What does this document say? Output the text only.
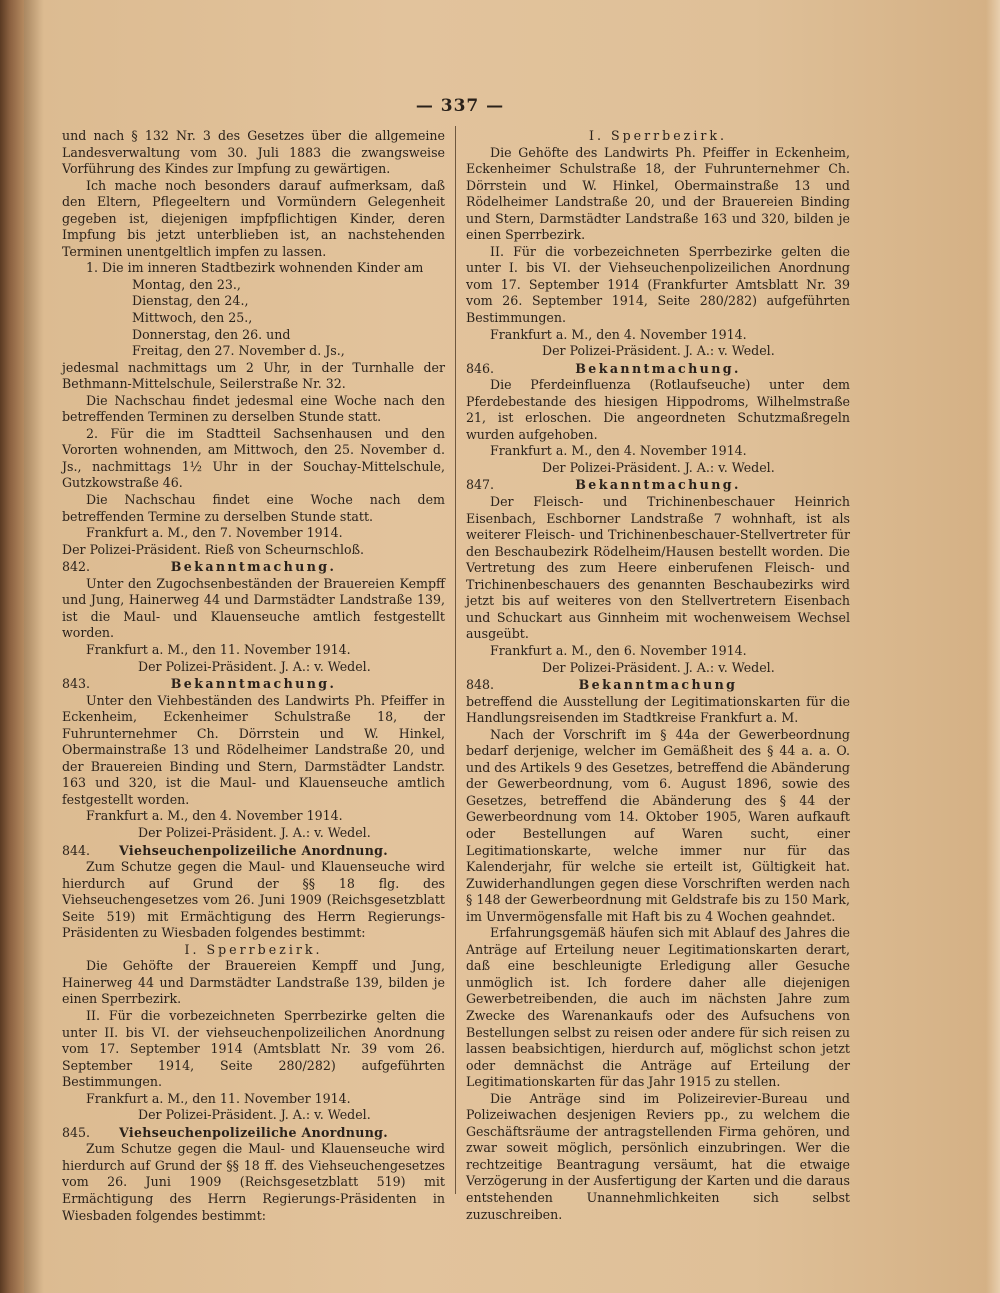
— 337 —

und nach § 132 Nr. 3 des Gesetzes über die allgemeine Landesverwaltung vom 30. Juli 1883 die zwangsweise Vorführung des Kindes zur Impfung zu gewärtigen.

Ich mache noch besonders darauf aufmerksam, daß den Eltern, Pflegeeltern und Vormündern Gelegenheit gegeben ist, diejenigen impfpflichtigen Kinder, deren Impfung bis jetzt unterblieben ist, an nachstehenden Terminen unentgeltlich impfen zu lassen.

1. Die im inneren Stadtbezirk wohnenden Kinder am

Montag, den 23.,

Dienstag, den 24.,

Mittwoch, den 25.,

Donnerstag, den 26. und

Freitag, den 27. November d. Js.,

jedesmal nachmittags um 2 Uhr, in der Turnhalle der Bethmann-Mittelschule, Seilerstraße Nr. 32.

Die Nachschau findet jedesmal eine Woche nach den betreffenden Terminen zu derselben Stunde statt.

2. Für die im Stadtteil Sachsenhausen und den Vororten wohnenden, am Mittwoch, den 25. November d. Js., nachmittags 1½ Uhr in der Souchay-Mittelschule, Gutzkowstraße 46.

Die Nachschau findet eine Woche nach dem betreffenden Termine zu derselben Stunde statt.

Frankfurt a. M., den 7. November 1914.

Der Polizei-Präsident. Rieß von Scheurnschloß.

842.	Bekanntmachung.

Unter den Zugochsenbeständen der Brauereien Kempff und Jung, Hainerweg 44 und Darmstädter Landstraße 139, ist die Maul- und Klauenseuche amtlich festgestellt worden.

Frankfurt a. M., den 11. November 1914.

Der Polizei-Präsident. J. A.: v. Wedel.

843.	Bekanntmachung.

Unter den Viehbeständen des Landwirts Ph. Pfeiffer in Eckenheim, Eckenheimer Schulstraße 18, der Fuhrunternehmer Ch. Dörrstein und W. Hinkel, Obermainstraße 13 und Rödelheimer Landstraße 20, und der Brauereien Binding und Stern, Darmstädter Landstr. 163 und 320, ist die Maul- und Klauenseuche amtlich festgestellt worden.

Frankfurt a. M., den 4. November 1914.

Der Polizei-Präsident. J. A.: v. Wedel.

844.	Viehseuchenpolizeiliche Anordnung.

Zum Schutze gegen die Maul- und Klauenseuche wird hierdurch auf Grund der §§ 18 flg. des Viehseuchengesetzes vom 26. Juni 1909 (Reichsgesetzblatt Seite 519) mit Ermächtigung des Herrn Regierungs-Präsidenten zu Wiesbaden folgendes bestimmt:

I. Sperrbezirk.

Die Gehöfte der Brauereien Kempff und Jung, Hainerweg 44 und Darmstädter Landstraße 139, bilden je einen Sperrbezirk.

II. Für die vorbezeichneten Sperrbezirke gelten die unter II. bis VI. der viehseuchenpolizeilichen Anordnung vom 17. September 1914 (Amtsblatt Nr. 39 vom 26. September 1914, Seite 280/282) aufgeführten Bestimmungen.

Frankfurt a. M., den 11. November 1914.

Der Polizei-Präsident. J. A.: v. Wedel.

845.	Viehseuchenpolizeiliche Anordnung.

Zum Schutze gegen die Maul- und Klauenseuche wird hierdurch auf Grund der §§ 18 ff. des Viehseuchengesetzes vom 26. Juni 1909 (Reichsgesetzblatt 519) mit Ermächtigung des Herrn Regierungs-Präsidenten in Wiesbaden folgendes bestimmt:

I. Sperrbezirk.

Die Gehöfte des Landwirts Ph. Pfeiffer in Eckenheim, Eckenheimer Schulstraße 18, der Fuhrunternehmer Ch. Dörrstein und W. Hinkel, Obermainstraße 13 und Rödelheimer Landstraße 20, und der Brauereien Binding und Stern, Darmstädter Landstraße 163 und 320, bilden je einen Sperrbezirk.

II. Für die vorbezeichneten Sperrbezirke gelten die unter I. bis VI. der Viehseuchenpolizeilichen Anordnung vom 17. September 1914 (Frankfurter Amtsblatt Nr. 39 vom 26. September 1914, Seite 280/282) aufgeführten Bestimmungen.

Frankfurt a. M., den 4. November 1914.

Der Polizei-Präsident. J. A.: v. Wedel.

846.	Bekanntmachung.

Die Pferdeinfluenza (Rotlaufseuche) unter dem Pferdebestande des hiesigen Hippodroms, Wilhelmstraße 21, ist erloschen. Die angeordneten Schutzmaßregeln wurden aufgehoben.

Frankfurt a. M., den 4. November 1914.

Der Polizei-Präsident. J. A.: v. Wedel.

847.	Bekanntmachung.

Der Fleisch- und Trichinenbeschauer Heinrich Eisenbach, Eschborner Landstraße 7 wohnhaft, ist als weiterer Fleisch- und Trichinenbeschauer-Stellvertreter für den Beschaubezirk Rödelheim/Hausen bestellt worden. Die Vertretung des zum Heere einberufenen Fleisch- und Trichinenbeschauers des genannten Beschaubezirks wird jetzt bis auf weiteres von den Stellvertretern Eisenbach und Schuckart aus Ginnheim mit wochenweisem Wechsel ausgeübt.

Frankfurt a. M., den 6. November 1914.

Der Polizei-Präsident. J. A.: v. Wedel.

848.	Bekanntmachung

betreffend die Ausstellung der Legitimationskarten für die Handlungsreisenden im Stadtkreise Frankfurt a. M.

Nach der Vorschrift im § 44a der Gewerbeordnung bedarf derjenige, welcher im Gemäßheit des § 44 a. a. O. und des Artikels 9 des Gesetzes, betreffend die Abänderung der Gewerbeordnung, vom 6. August 1896, sowie des Gesetzes, betreffend die Abänderung des § 44 der Gewerbeordnung vom 14. Oktober 1905, Waren aufkauft oder Bestellungen auf Waren sucht, einer Legitimationskarte, welche immer nur für das Kalenderjahr, für welche sie erteilt ist, Gültigkeit hat. Zuwiderhandlungen gegen diese Vorschriften werden nach § 148 der Gewerbeordnung mit Geldstrafe bis zu 150 Mark, im Unvermögensfalle mit Haft bis zu 4 Wochen geahndet.

Erfahrungsgemäß häufen sich mit Ablauf des Jahres die Anträge auf Erteilung neuer Legitimationskarten derart, daß eine beschleunigte Erledigung aller Gesuche unmöglich ist. Ich fordere daher alle diejenigen Gewerbetreibenden, die auch im nächsten Jahre zum Zwecke des Warenankaufs oder des Aufsuchens von Bestellungen selbst zu reisen oder andere für sich reisen zu lassen beabsichtigen, hierdurch auf, möglichst schon jetzt oder demnächst die Anträge auf Erteilung der Legitimationskarten für das Jahr 1915 zu stellen.

Die Anträge sind im Polizeirevier-Bureau und Polizeiwachen desjenigen Reviers pp., zu welchem die Geschäftsräume der antragstellenden Firma gehören, und zwar soweit möglich, persönlich einzubringen. Wer die rechtzeitige Beantragung versäumt, hat die etwaige Verzögerung in der Ausfertigung der Karten und die daraus entstehenden Unannehmlichkeiten sich selbst zuzuschreiben.
